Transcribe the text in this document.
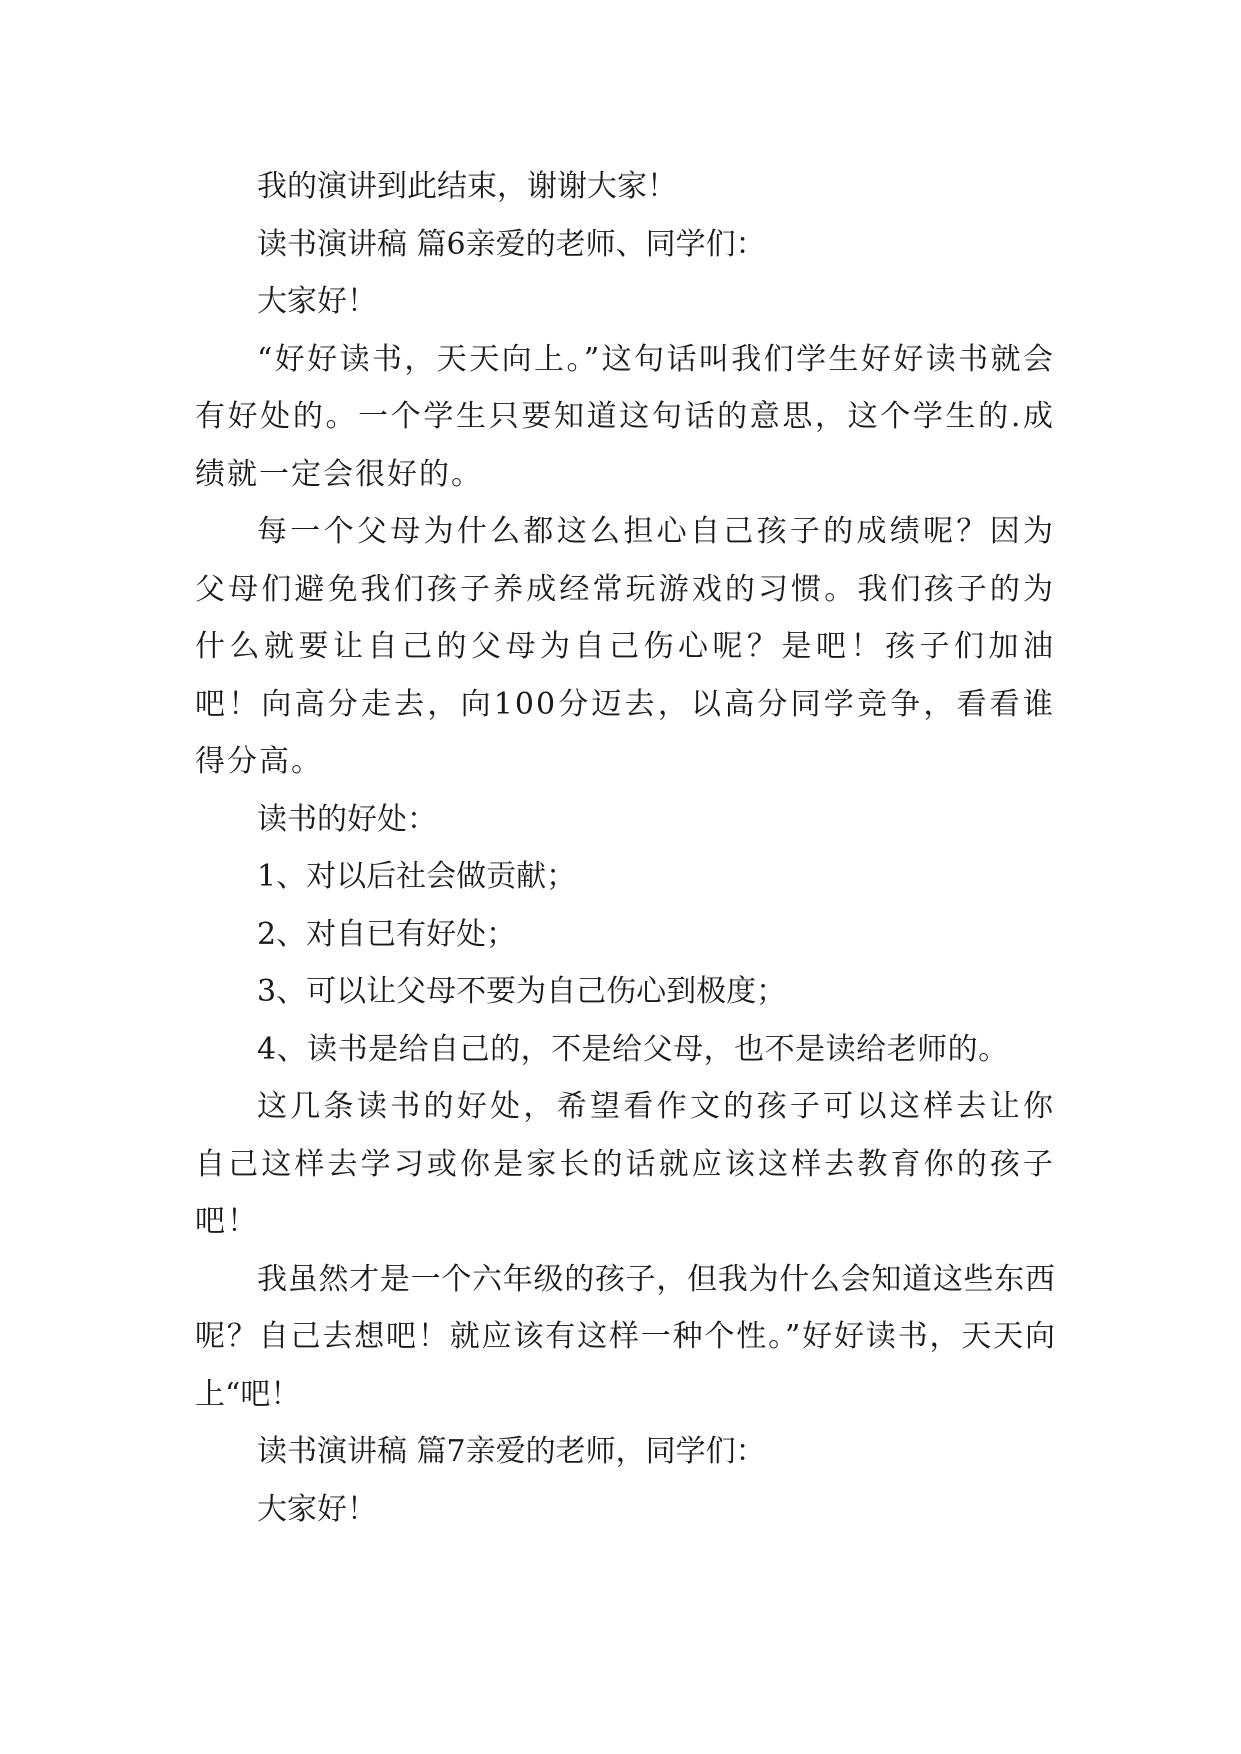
我的演讲到此结束，谢谢大家！

读书演讲稿 篇6亲爱的老师、同学们：

大家好！

“好好读书，天天向上。”这句话叫我们学生好好读书就会有好处的。一个学生只要知道这句话的意思，这个学生的.成绩就一定会很好的。

每一个父母为什么都这么担心自己孩子的成绩呢？因为父母们避免我们孩子养成经常玩游戏的习惯。我们孩子的为什么就要让自己的父母为自己伤心呢？是吧！孩子们加油吧！向高分走去，向100分迈去，以高分同学竞争，看看谁得分高。

读书的好处：

1、对以后社会做贡献；

2、对自已有好处；

3、可以让父母不要为自己伤心到极度；

4、读书是给自己的，不是给父母，也不是读给老师的。

这几条读书的好处，希望看作文的孩子可以这样去让你自己这样去学习或你是家长的话就应该这样去教育你的孩子吧！

我虽然才是一个六年级的孩子，但我为什么会知道这些东西呢？自己去想吧！就应该有这样一种个性。”好好读书，天天向上“吧！

读书演讲稿 篇7亲爱的老师，同学们：

大家好！
